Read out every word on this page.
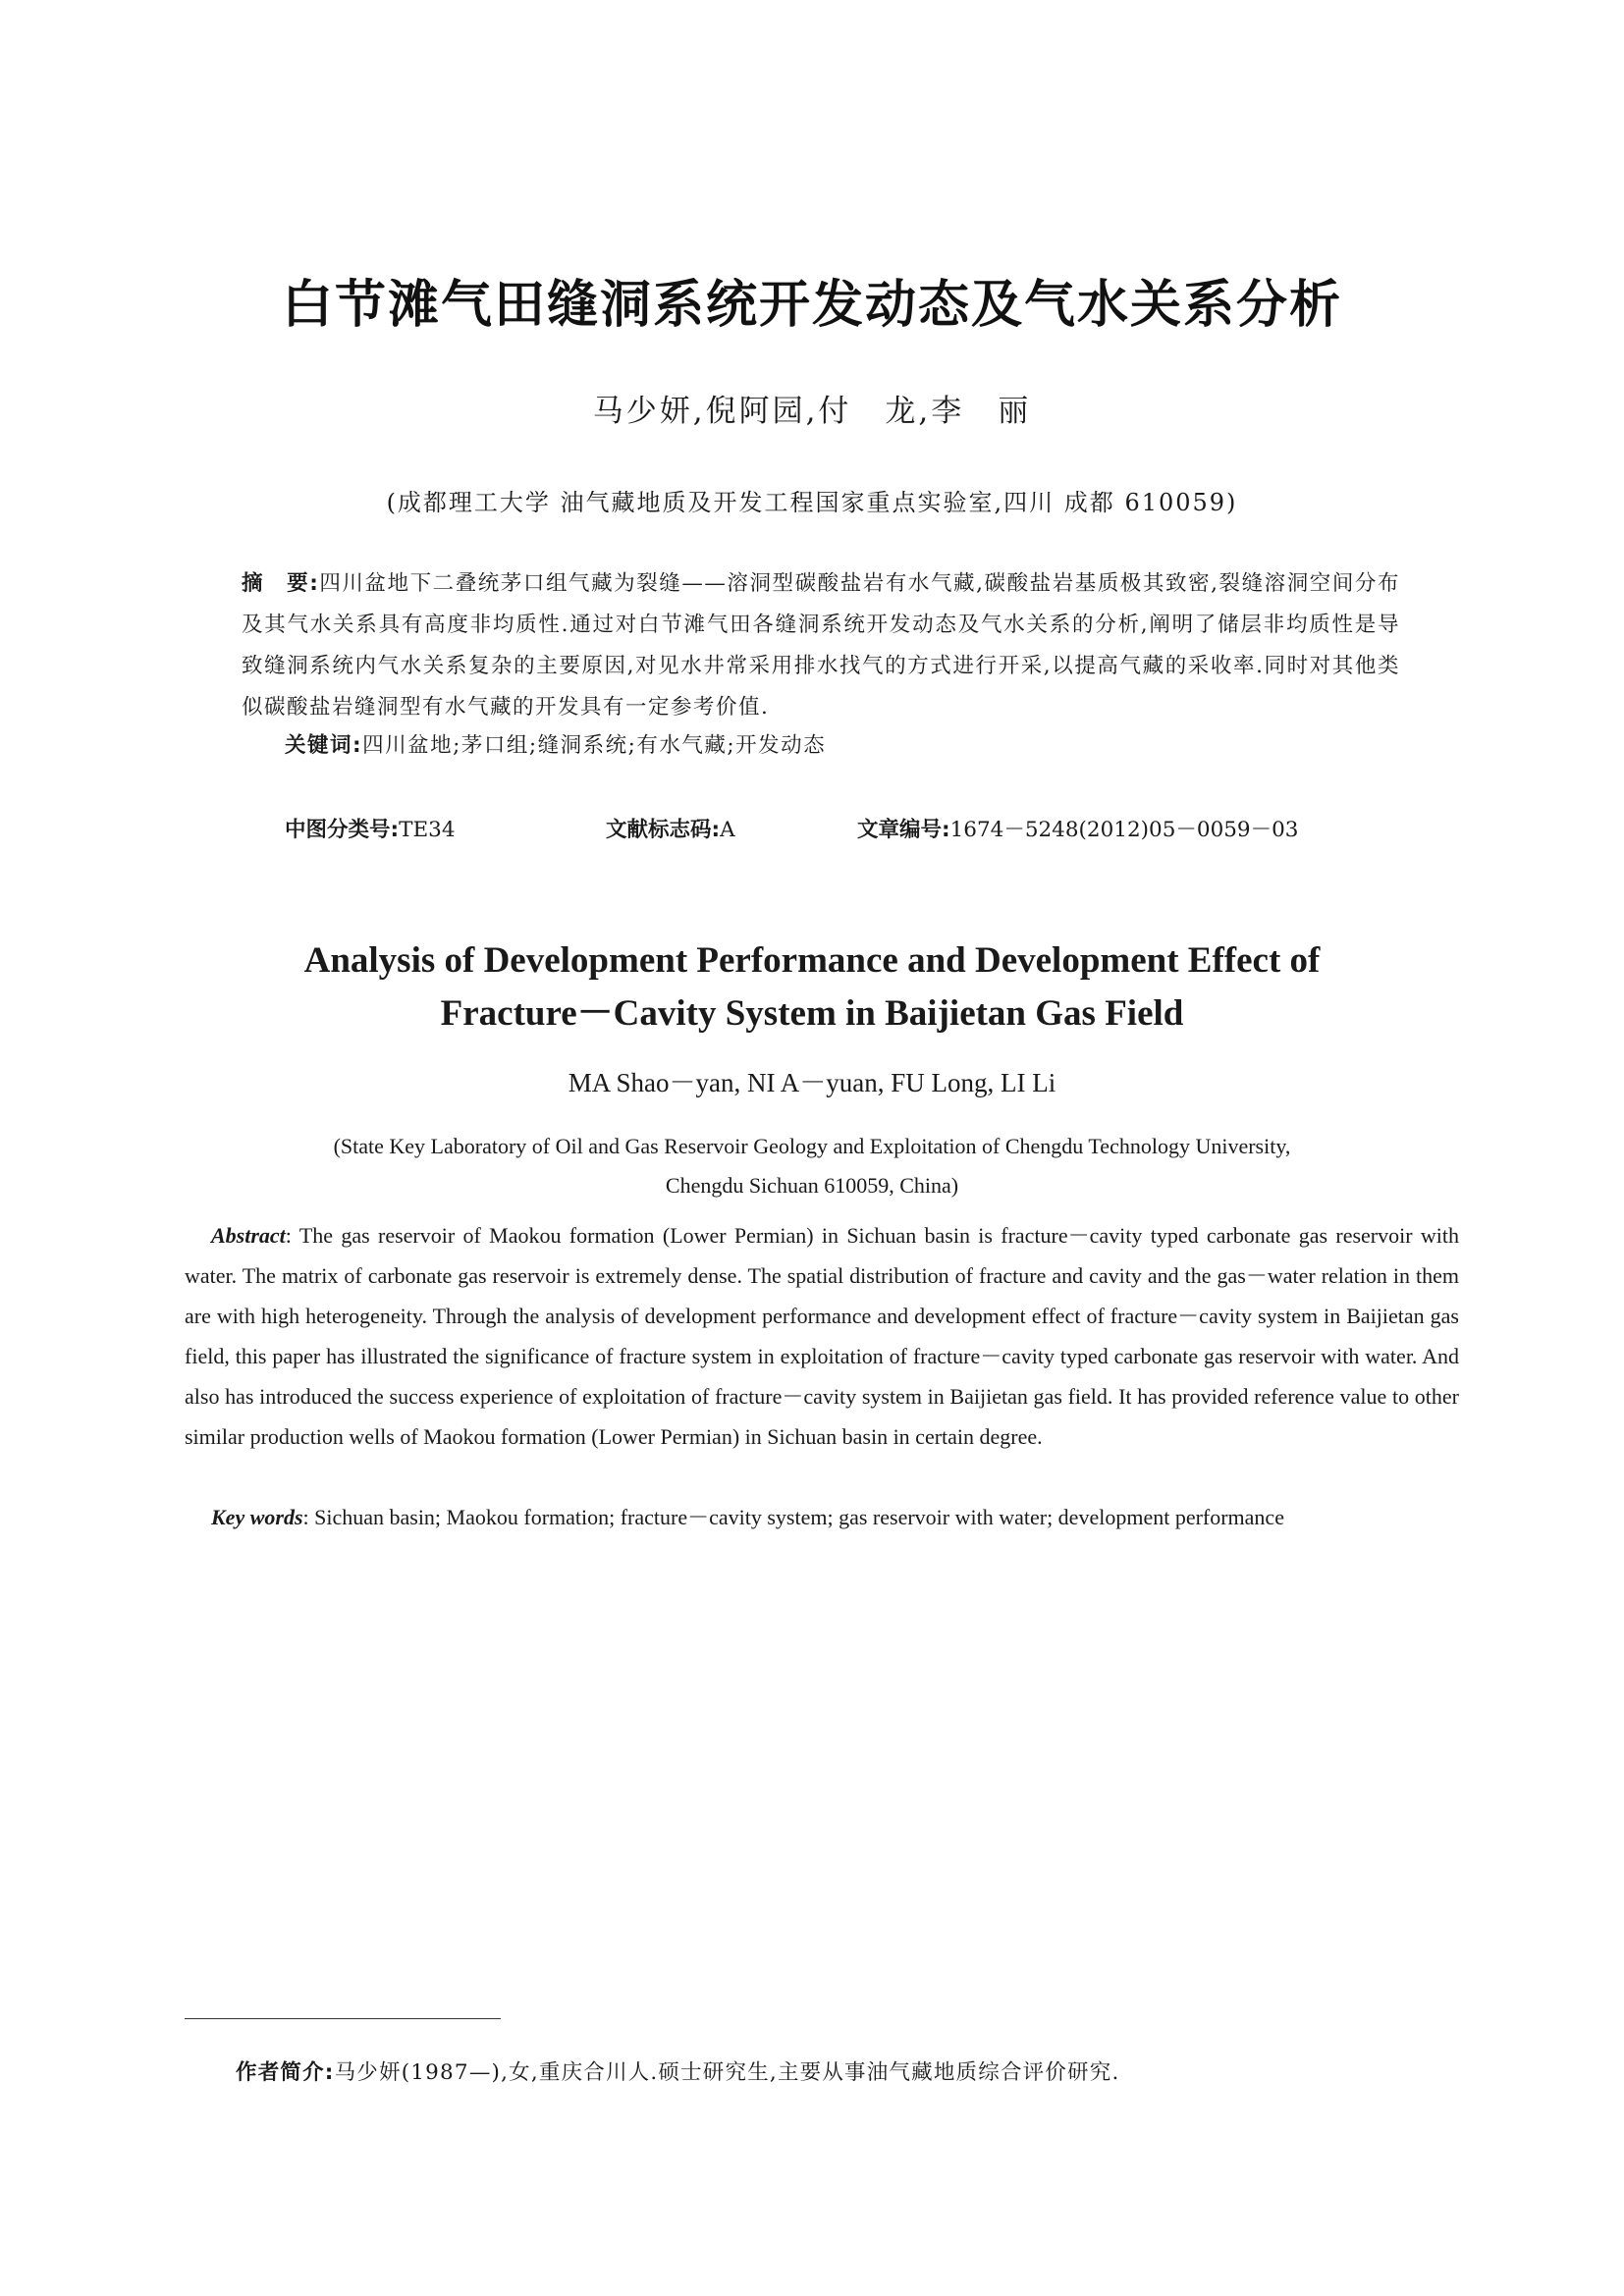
白节滩气田缝洞系统开发动态及气水关系分析
马少妍,倪阿园,付　龙,李　丽
(成都理工大学 油气藏地质及开发工程国家重点实验室,四川 成都 610059)
摘　要:四川盆地下二叠统茅口组气藏为裂缝——溶洞型碳酸盐岩有水气藏,碳酸盐岩基质极其致密,裂缝溶洞空间分布及其气水关系具有高度非均质性.通过对白节滩气田各缝洞系统开发动态及气水关系的分析,阐明了储层非均质性是导致缝洞系统内气水关系复杂的主要原因,对见水井常采用排水找气的方式进行开采,以提高气藏的采收率.同时对其他类似碳酸盐岩缝洞型有水气藏的开发具有一定参考价值.
关键词:四川盆地;茅口组;缝洞系统;有水气藏;开发动态
中图分类号:TE34	文献标志码:A	文章编号:1674－5248(2012)05－0059－03
Analysis of Development Performance and Development Effect of
Fracture－Cavity System in Baijietan Gas Field
MA Shao－yan, NI A－yuan, FU Long, LI Li
(State Key Laboratory of Oil and Gas Reservoir Geology and Exploitation of Chengdu Technology University,
Chengdu Sichuan 610059, China)
Abstract: The gas reservoir of Maokou formation (Lower Permian) in Sichuan basin is fracture－cavity typed carbonate gas reservoir with water. The matrix of carbonate gas reservoir is extremely dense. The spatial distribution of fracture and cavity and the gas－water relation in them are with high heterogeneity. Through the analysis of development performance and development effect of fracture－cavity system in Baijietan gas field, this paper has illustrated the significance of fracture system in exploitation of fracture－cavity typed carbonate gas reservoir with water. And also has introduced the success experience of exploitation of fracture－cavity system in Baijietan gas field. It has provided reference value to other similar production wells of Maokou formation (Lower Permian) in Sichuan basin in certain degree.
Key words: Sichuan basin; Maokou formation; fracture－cavity system; gas reservoir with water; development performance
作者简介:马少妍(1987—),女,重庆合川人.硕士研究生,主要从事油气藏地质综合评价研究.
